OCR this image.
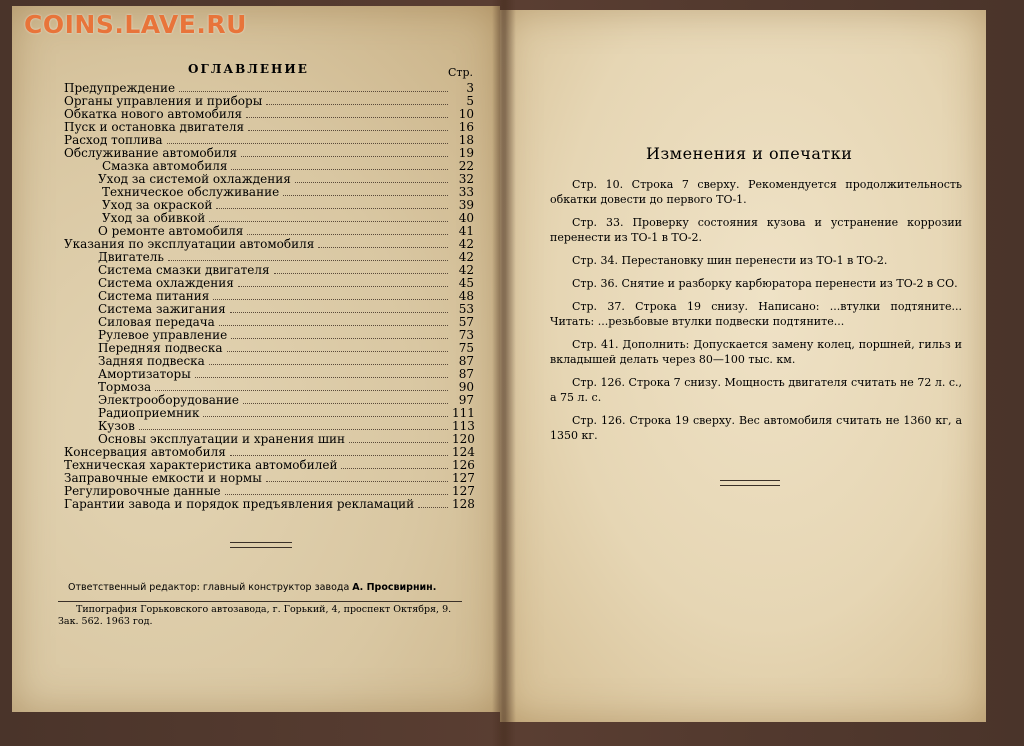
COINS.LAVE.RU
ОГЛАВЛЕНИЕ	Стр.
Предупреждение	3
Органы управления и приборы	5
Обкатка нового автомобиля	10
Пуск и остановка двигателя	16
Расход топлива	18
Обслуживание автомобиля	19
Смазка автомобиля	22
Уход за системой охлаждения	32
Техническое обслуживание	33
Уход за окраской	39
Уход за обивкой	40
О ремонте автомобиля	41
Указания по эксплуатации автомобиля	42
Двигатель	42
Система смазки двигателя	42
Система охлаждения	45
Система питания	48
Система зажигания	53
Силовая передача	57
Рулевое управление	73
Передняя подвеска	75
Задняя подвеска	87
Амортизаторы	87
Тормоза	90
Электрооборудование	97
Радиоприемник	111
Кузов	113
Основы эксплуатации и хранения шин	120
Консервация автомобиля	124
Техническая характеристика автомобилей	126
Заправочные емкости и нормы	127
Регулировочные данные	127
Гарантии завода и порядок предъявления рекламаций	128
Ответственный редактор: главный конструктор завода А. Просвирнин.
Типография Горьковского автозавода, г. Горький, 4, проспект Октября, 9.
Зак. 562. 1963 год.
Изменения и опечатки

Стр. 10. Строка 7 сверху. Рекомендуется продолжительность обкатки довести до первого ТО-1.

Стр. 33. Проверку состояния кузова и устранение коррозии перенести из ТО-1 в ТО-2.

Стр. 34. Перестановку шин перенести из ТО-1 в ТО-2.

Стр. 36. Снятие и разборку карбюратора перенести из ТО-2 в СО.

Стр. 37. Строка 19 снизу. Написано: ...втулки подтяните... Читать: ...резьбовые втулки подвески подтяните...

Стр. 41. Дополнить: Допускается замену колец, поршней, гильз и вкладышей делать через 80—100 тыс. км.

Стр. 126. Строка 7 снизу. Мощность двигателя считать не 72 л. с., а 75 л. с.

Стр. 126. Строка 19 сверху. Вес автомобиля считать не 1360 кг, а 1350 кг.
